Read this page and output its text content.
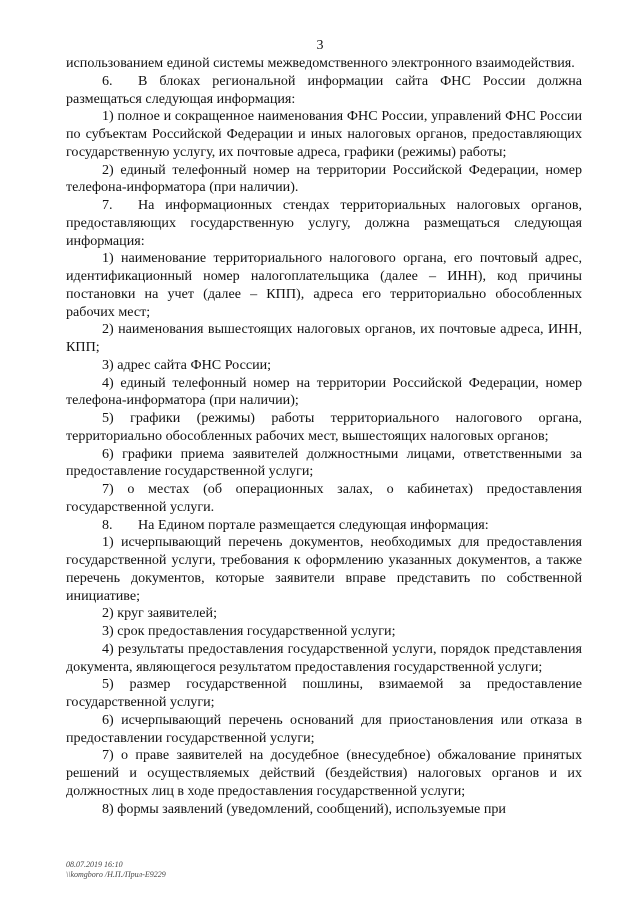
3

использованием единой системы межведомственного электронного взаимодействия.

6. В блоках региональной информации сайта ФНС России должна размещаться следующая информация:

1) полное и сокращенное наименования ФНС России, управлений ФНС России по субъектам Российской Федерации и иных налоговых органов, предоставляющих государственную услугу, их почтовые адреса, графики (режимы) работы;

2) единый телефонный номер на территории Российской Федерации, номер телефона-информатора (при наличии).

7. На информационных стендах территориальных налоговых органов, предоставляющих государственную услугу, должна размещаться следующая информация:

1) наименование территориального налогового органа, его почтовый адрес, идентификационный номер налогоплательщика (далее – ИНН), код причины постановки на учет (далее – КПП), адреса его территориально обособленных рабочих мест;

2) наименования вышестоящих налоговых органов, их почтовые адреса, ИНН, КПП;

3) адрес сайта ФНС России;

4) единый телефонный номер на территории Российской Федерации, номер телефона-информатора (при наличии);

5) графики (режимы) работы территориального налогового органа, территориально обособленных рабочих мест, вышестоящих налоговых органов;

6) графики приема заявителей должностными лицами, ответственными за предоставление государственной услуги;

7) о местах (об операционных залах, о кабинетах) предоставления государственной услуги.

8. На Едином портале размещается следующая информация:

1) исчерпывающий перечень документов, необходимых для предоставления государственной услуги, требования к оформлению указанных документов, а также перечень документов, которые заявители вправе представить по собственной инициативе;

2) круг заявителей;

3) срок предоставления государственной услуги;

4) результаты предоставления государственной услуги, порядок представления документа, являющегося результатом предоставления государственной услуги;

5) размер государственной пошлины, взимаемой за предоставление государственной услуги;

6) исчерпывающий перечень оснований для приостановления или отказа в предоставлении государственной услуги;

7) о праве заявителей на досудебное (внесудебное) обжалование принятых решений и осуществляемых действий (бездействия) налоговых органов и их должностных лиц в ходе предоставления государственной услуги;

8) формы заявлений (уведомлений, сообщений), используемые при

08.07.2019 16:10
\\komgborо /Н.П./Прил-Е9229
